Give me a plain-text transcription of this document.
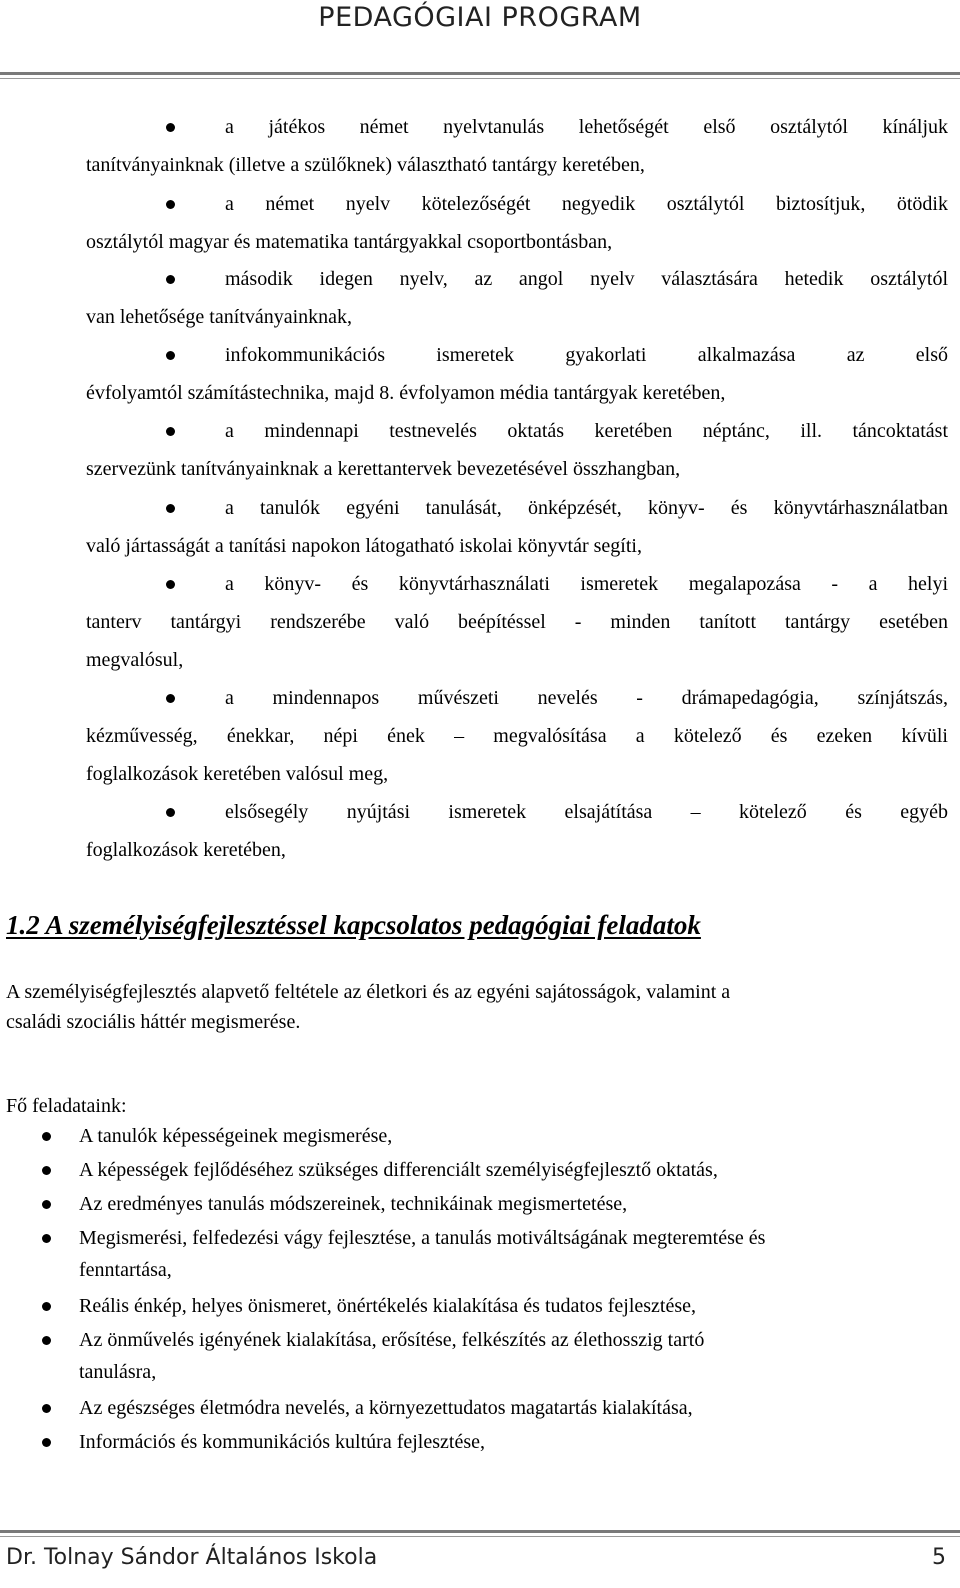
PEDAGÓGIAI PROGRAM
a játékos német nyelvtanulás lehetőségét első osztálytól kínáljuk
tanítványainknak (illetve a szülőknek) választható tantárgy keretében,
a német nyelv kötelezőségét negyedik osztálytól biztosítjuk, ötödik
osztálytól magyar és matematika tantárgyakkal csoportbontásban,
második idegen nyelv, az angol nyelv választására hetedik osztálytól
van lehetősége tanítványainknak,
infokommunikációs ismeretek gyakorlati alkalmazása az első
évfolyamtól számítástechnika, majd 8. évfolyamon média tantárgyak keretében,
a mindennapi testnevelés oktatás keretében néptánc, ill. táncoktatást
szervezünk tanítványainknak a kerettantervek bevezetésével összhangban,
a tanulók egyéni tanulását, önképzését, könyv- és könyvtárhasználatban
való jártasságát a tanítási napokon látogatható iskolai könyvtár segíti,
a könyv- és könyvtárhasználati ismeretek megalapozása - a helyi
tanterv tantárgyi rendszerébe való beépítéssel - minden tanított tantárgy esetében
megvalósul,
a mindennapos művészeti nevelés - drámapedagógia, színjátszás,
kézművesség, énekkar, népi ének – megvalósítása a kötelező és ezeken kívüli
foglalkozások keretében valósul meg,
elsősegély nyújtási ismeretek elsajátítása – kötelező és egyéb
foglalkozások keretében,
1.2 A személyiségfejlesztéssel kapcsolatos pedagógiai feladatok
A személyiségfejlesztés alapvető feltétele az életkori és az egyéni sajátosságok, valamint a
családi szociális háttér megismerése.
Fő feladataink:
A tanulók képességeinek megismerése,
A képességek fejlődéséhez szükséges differenciált személyiségfejlesztő oktatás,
Az eredményes tanulás módszereinek, technikáinak megismertetése,
Megismerési, felfedezési vágy fejlesztése, a tanulás motiváltságának megteremtése és
fenntartása,
Reális énkép, helyes önismeret, önértékelés kialakítása és tudatos fejlesztése,
Az önművelés igényének kialakítása, erősítése, felkészítés az élethosszig tartó
tanulásra,
Az egészséges életmódra nevelés, a környezettudatos magatartás kialakítása,
Információs és kommunikációs kultúra fejlesztése,
Dr. Tolnay Sándor Általános Iskola	5
